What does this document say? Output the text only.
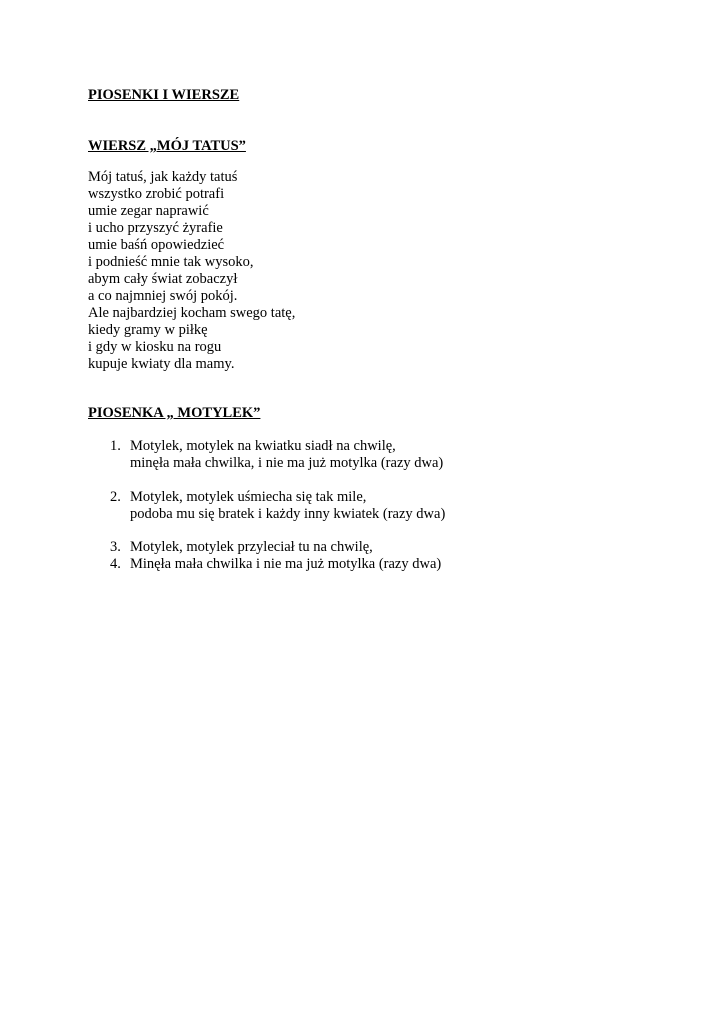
PIOSENKI I WIERSZE
WIERSZ „MÓJ TATUS”
Mój tatuś, jak każdy tatuś
wszystko zrobić potrafi
umie zegar naprawić
i ucho przyszyć żyrafie
umie baśń opowiedzieć
i podnieść mnie tak wysoko,
abym cały świat zobaczył
a co najmniej swój pokój.
Ale najbardziej kocham swego tatę,
kiedy gramy w piłkę
i gdy w kiosku na rogu
kupuje kwiaty dla mamy.
PIOSENKA „ MOTYLEK”
1. Motylek, motylek na kwiatku siadł na chwilę,
minęła mała chwilka, i nie ma już motylka (razy dwa)
2. Motylek, motylek uśmiecha się tak mile,
podoba mu się bratek i każdy inny kwiatek (razy dwa)
3. Motylek, motylek przyleciał tu na chwilę,
4. Minęła mała chwilka i nie ma już motylka (razy dwa)
